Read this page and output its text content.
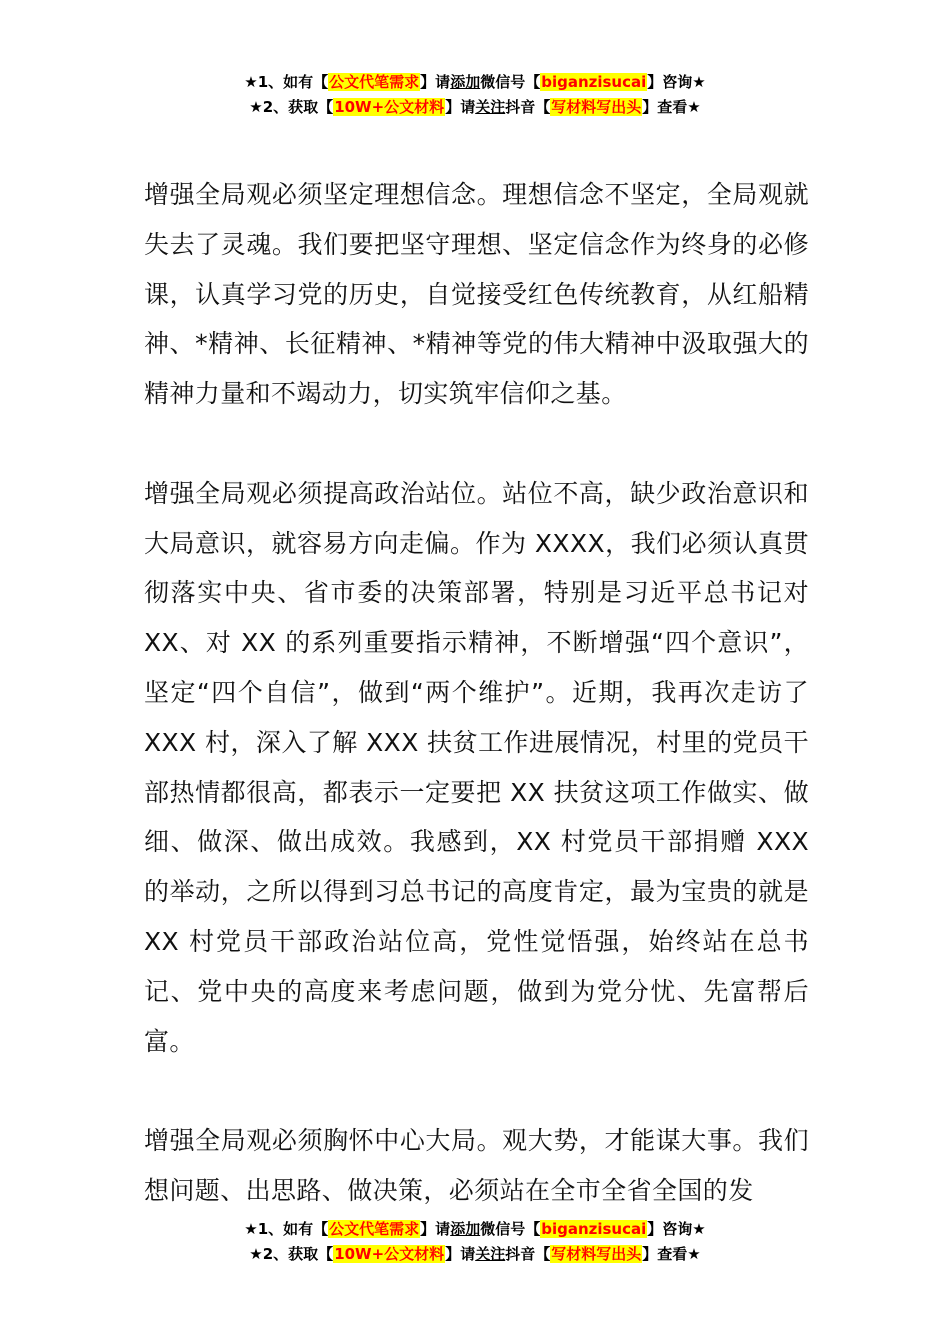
★1、如有【公文代笔需求】请添加微信号【biganzisucai】咨询★
★2、获取【10W+公文材料】请关注抖音【写材料写出头】查看★

增强全局观必须坚定理想信念。理想信念不坚定，全局观就失去了灵魂。我们要把坚守理想、坚定信念作为终身的必修课，认真学习党的历史，自觉接受红色传统教育，从红船精神、*精神、长征精神、*精神等党的伟大精神中汲取强大的精神力量和不竭动力，切实筑牢信仰之基。

增强全局观必须提高政治站位。站位不高，缺少政治意识和大局意识，就容易方向走偏。作为 XXXX，我们必须认真贯彻落实中央、省市委的决策部署，特别是习近平总书记对 XX、对 XX 的系列重要指示精神，不断增强“四个意识”，坚定“四个自信”，做到“两个维护”。近期，我再次走访了 XXX 村，深入了解 XXX 扶贫工作进展情况，村里的党员干部热情都很高，都表示一定要把 XX 扶贫这项工作做实、做细、做深、做出成效。我感到，XX 村党员干部捐赠 XXX 的举动，之所以得到习总书记的高度肯定，最为宝贵的就是 XX 村党员干部政治站位高，党性觉悟强，始终站在总书记、党中央的高度来考虑问题，做到为党分忧、先富帮后富。

增强全局观必须胸怀中心大局。观大势，才能谋大事。我们想问题、出思路、做决策，必须站在全市全省全国的发

★1、如有【公文代笔需求】请添加微信号【biganzisucai】咨询★
★2、获取【10W+公文材料】请关注抖音【写材料写出头】查看★
